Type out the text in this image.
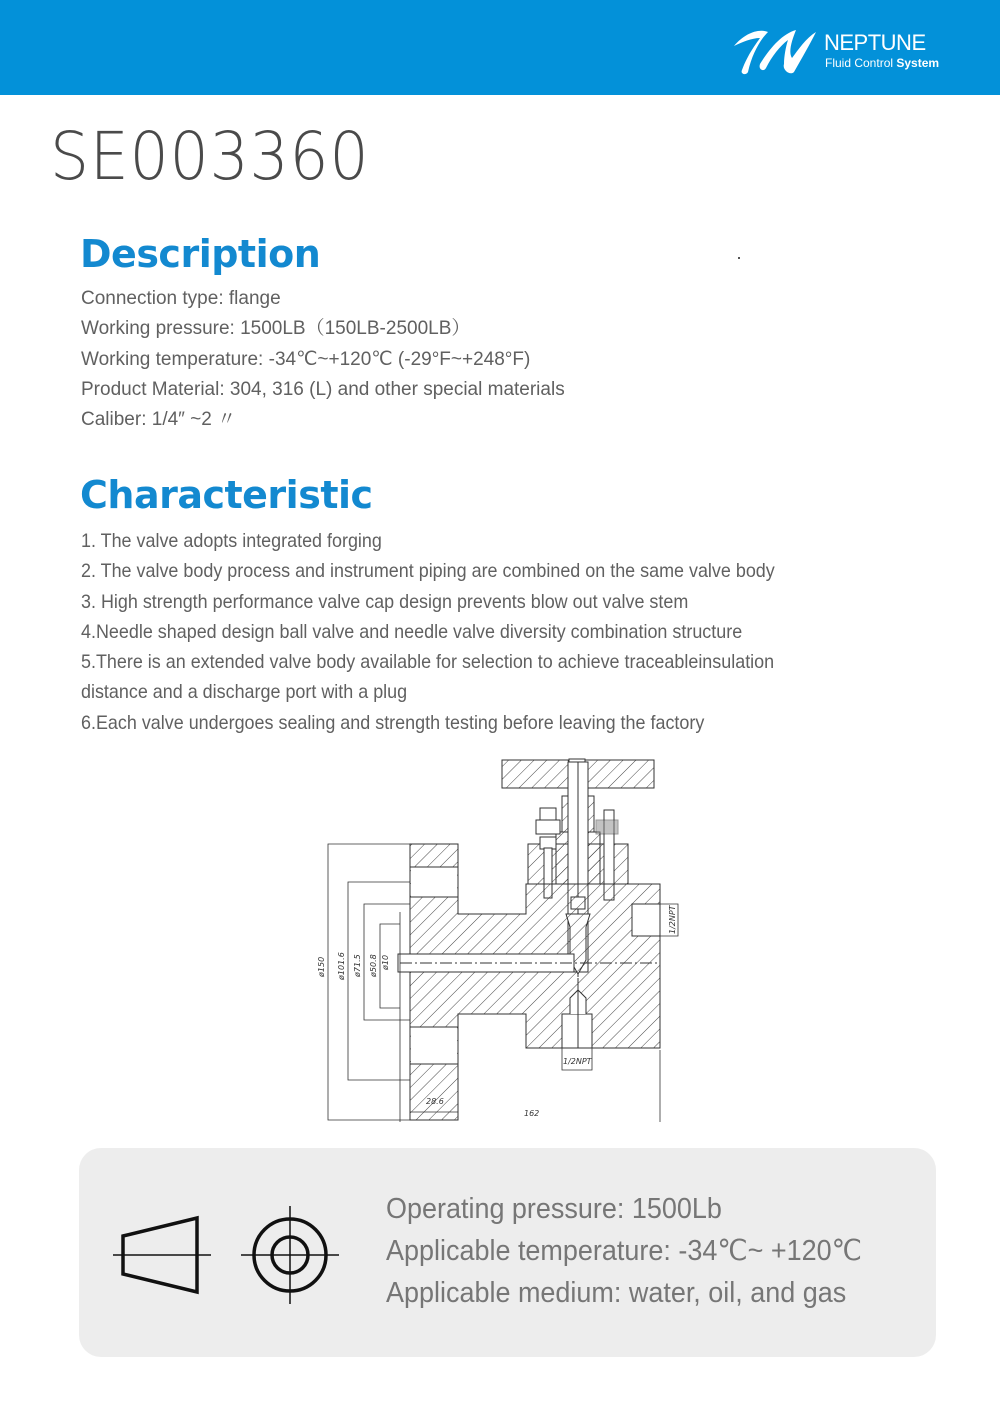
NEPTUNE
Fluid Control System
SE003360
Description
Connection type: flange
Working pressure: 1500LB（150LB-2500LB）
Working temperature: -34℃~+120℃ (-29°F~+248°F)
Product Material: 304, 316 (L) and other special materials
Caliber: 1/4″ ~2 〃
Characteristic
1. The valve adopts integrated forging
2. The valve body process and instrument piping are combined on the same valve body
3. High strength performance valve cap design prevents blow out valve stem
4.Needle shaped design ball valve and needle valve diversity combination structure
5.There is an extended valve body available for selection to achieve traceableinsulation
distance and a discharge port with a plug
6.Each valve undergoes sealing and strength testing before leaving the factory
ø150 ø101.6 ø71.5 ø50.8 ø10
28.6
162
1/2NPT
1/2NPT
Operating pressure: 1500Lb
Applicable temperature: -34℃~ +120℃
Applicable medium: water, oil, and gas
